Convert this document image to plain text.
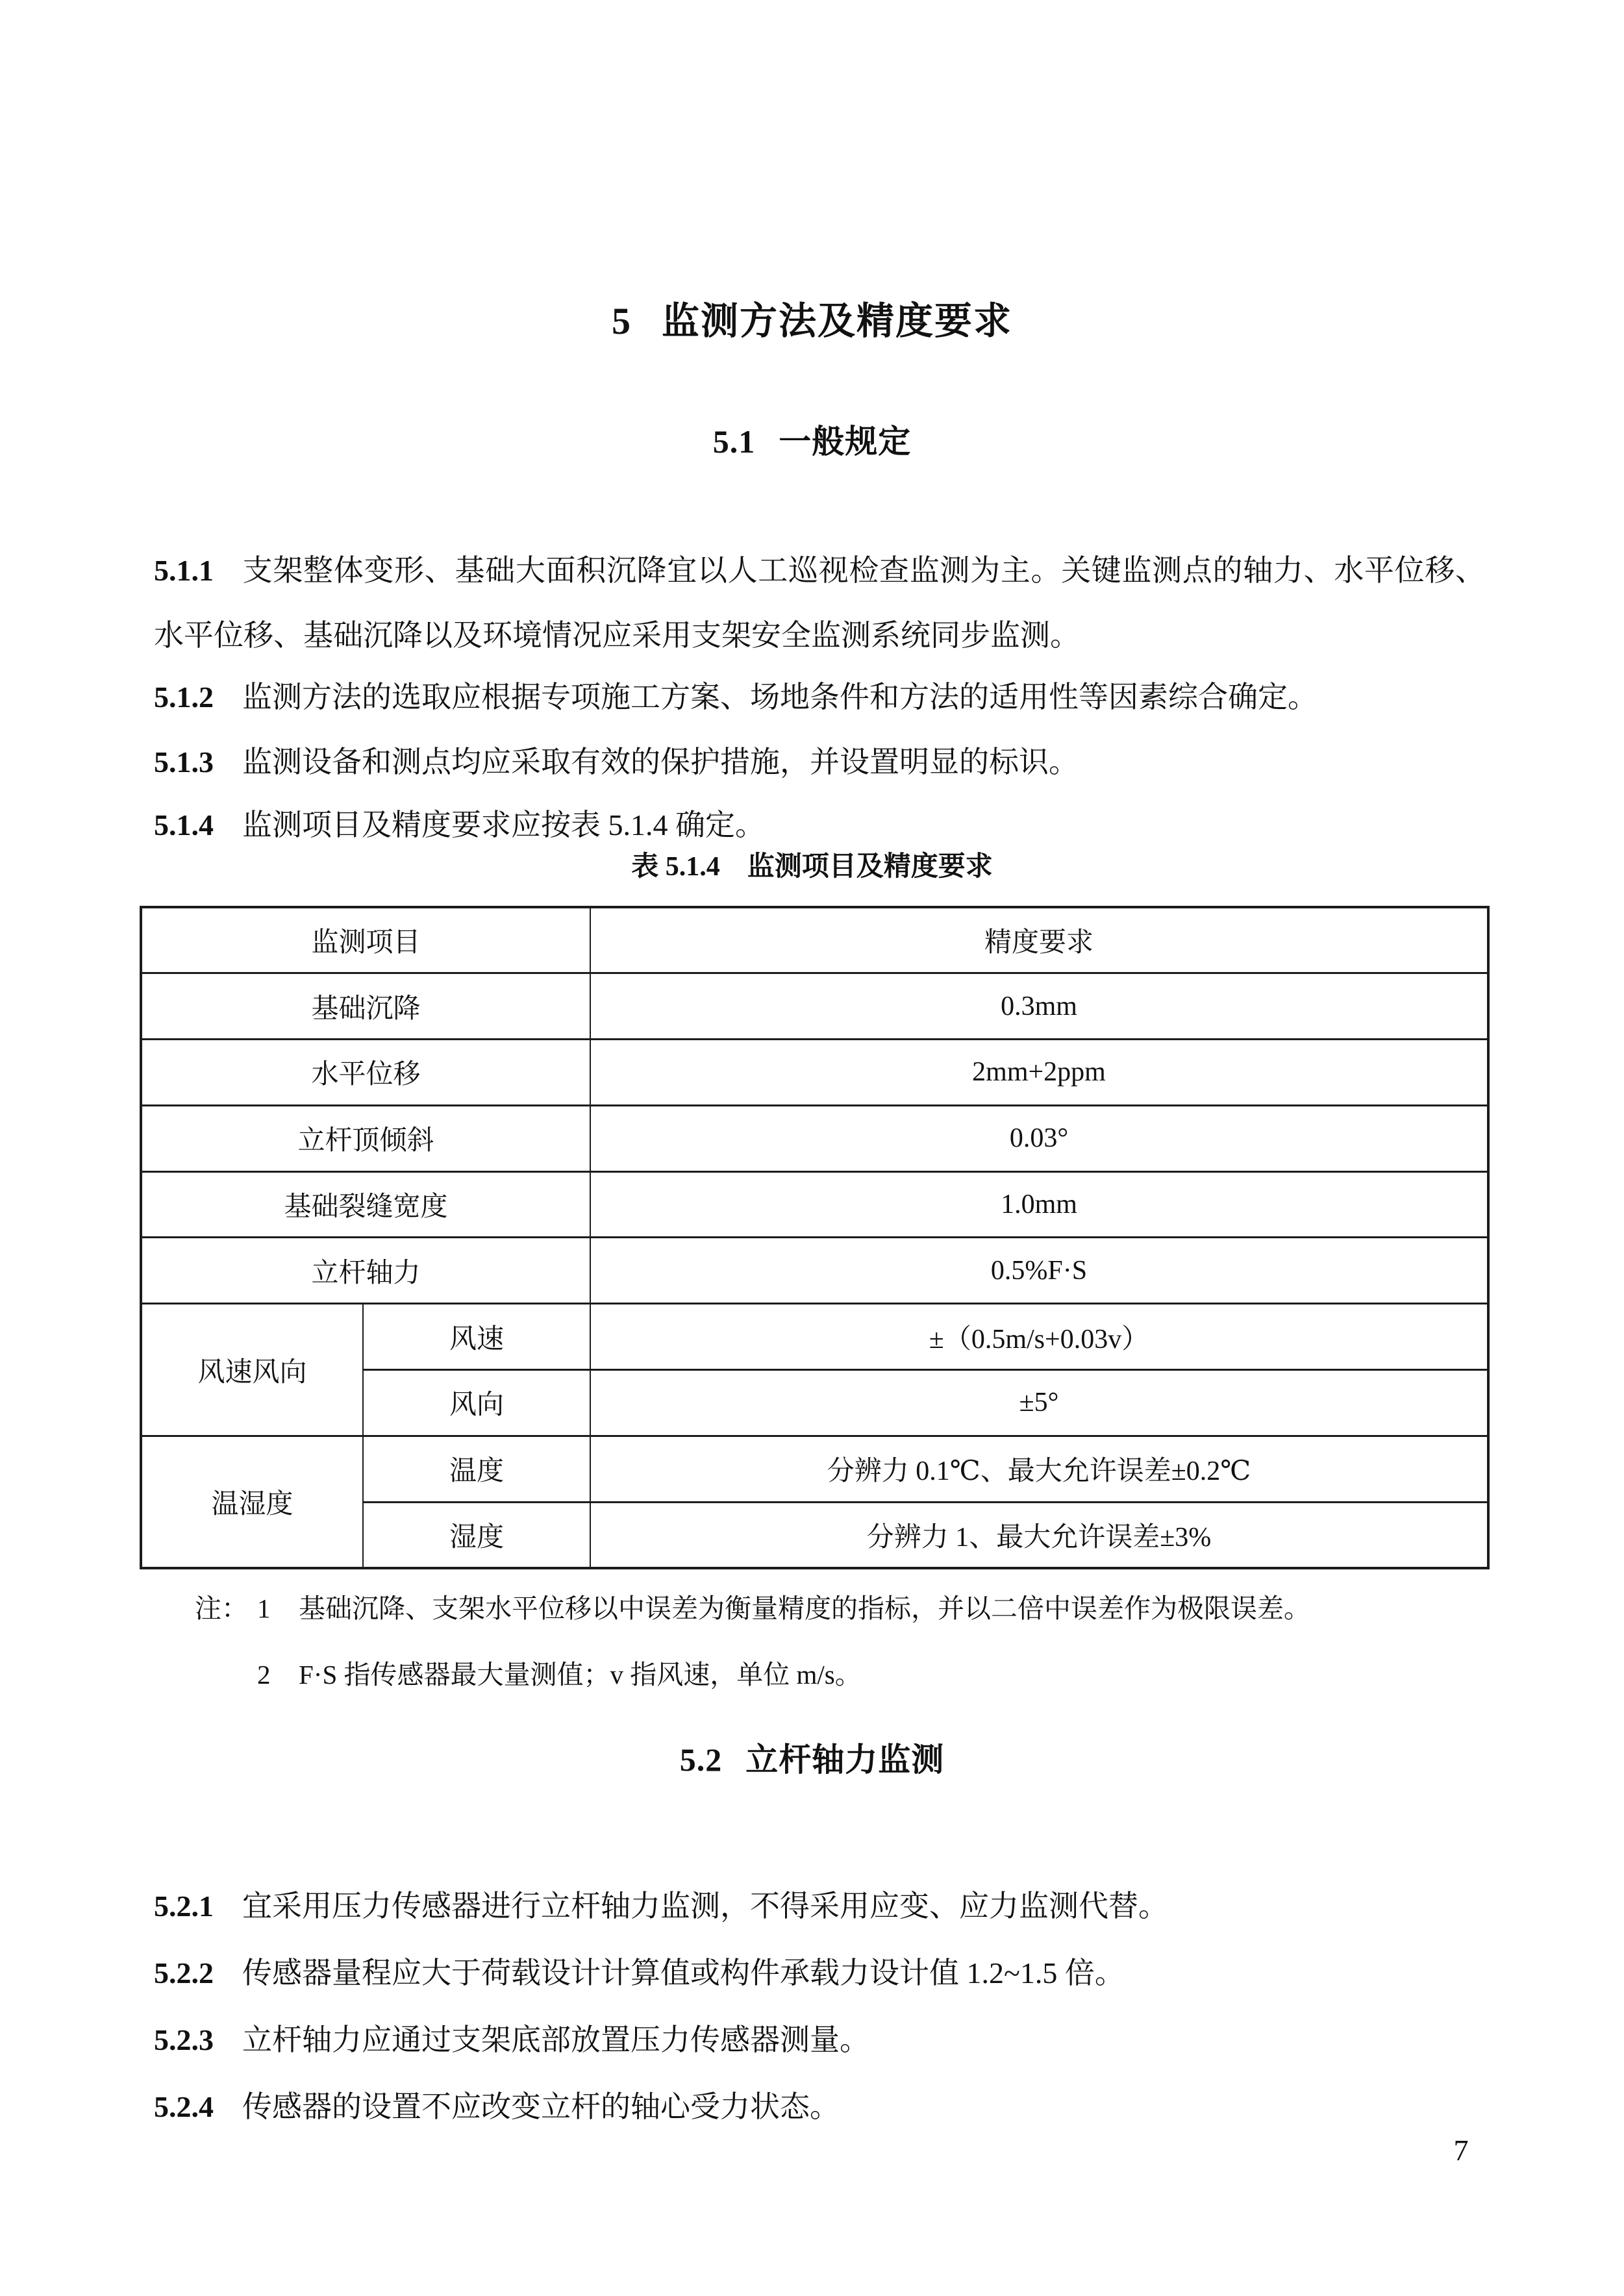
5 监测方法及精度要求
5.1 一般规定

5.1.1 支架整体变形、基础大面积沉降宜以人工巡视检查监测为主。关键监测点的轴力、水平位移、水平位移、基础沉降以及环境情况应采用支架安全监测系统同步监测。

5.1.2 监测方法的选取应根据专项施工方案、场地条件和方法的适用性等因素综合确定。

5.1.3 监测设备和测点均应采取有效的保护措施，并设置明显的标识。

5.1.4 监测项目及精度要求应按表 5.1.4 确定。

表 5.1.4　监测项目及精度要求
监测项目		精度要求
基础沉降		0.3mm
水平位移		2mm+2ppm
立杆顶倾斜		0.03°
基础裂缝宽度		1.0mm
立杆轴力		0.5%F·S
风速风向	风速	±（0.5m/s+0.03v）
	风向	±5°
温湿度	温度	分辨力 0.1℃、最大允许误差±0.2℃
	湿度	分辨力 1、最大允许误差±3%
注： 1 基础沉降、支架水平位移以中误差为衡量精度的指标，并以二倍中误差作为极限误差。
2 F·S 指传感器最大量测值；v 指风速，单位 m/s。
5.2 立杆轴力监测

5.2.1 宜采用压力传感器进行立杆轴力监测，不得采用应变、应力监测代替。

5.2.2 传感器量程应大于荷载设计计算值或构件承载力设计值 1.2~1.5 倍。

5.2.3 立杆轴力应通过支架底部放置压力传感器测量。

5.2.4 传感器的设置不应改变立杆的轴心受力状态。

7
